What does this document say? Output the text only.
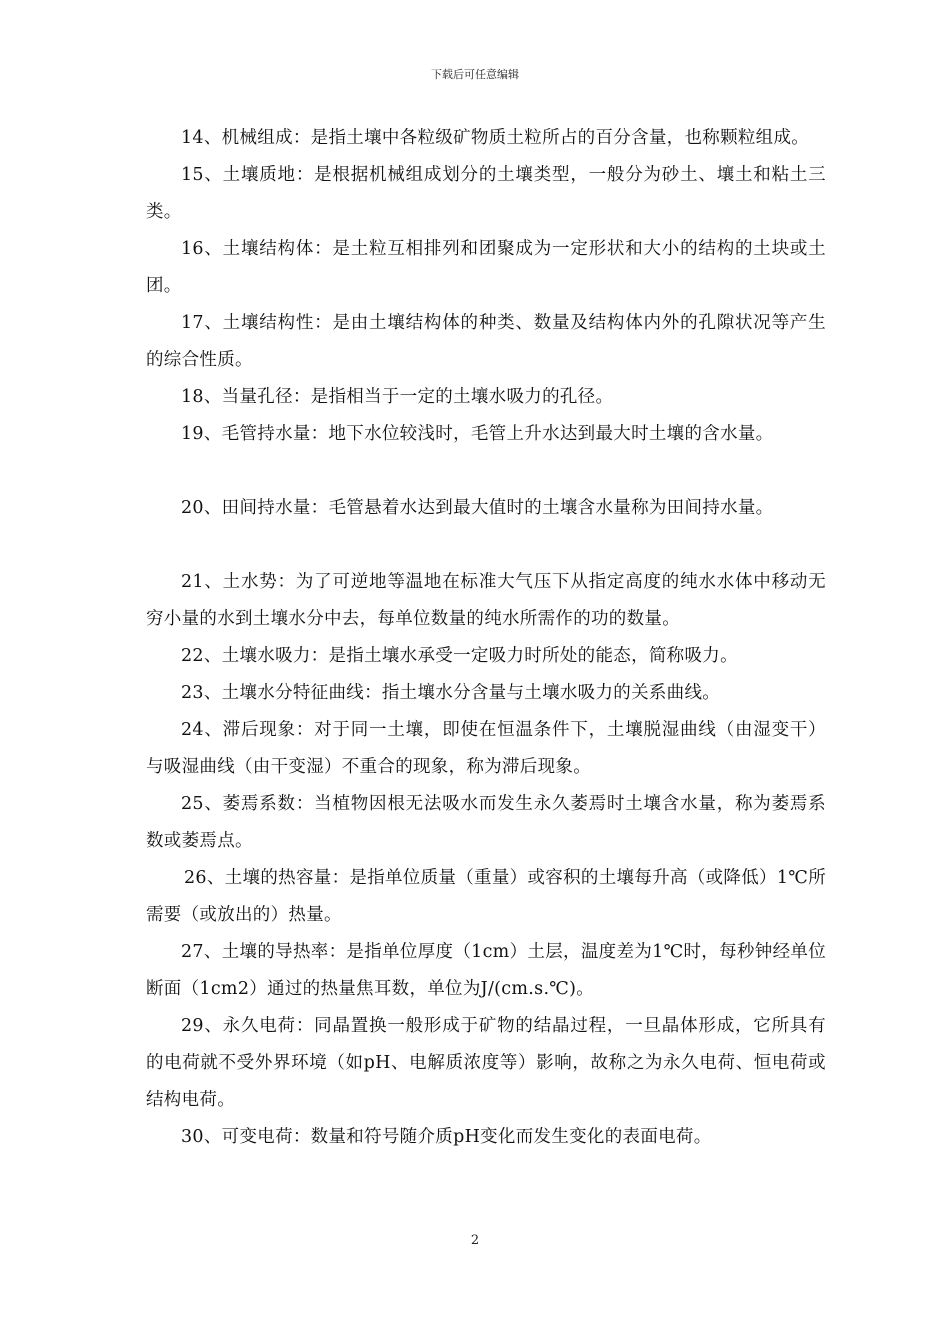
下载后可任意编辑

14、机械组成：是指土壤中各粒级矿物质土粒所占的百分含量，也称颗粒组成。

15、土壤质地：是根据机械组成划分的土壤类型，一般分为砂土、壤土和粘土三类。

16、土壤结构体：是土粒互相排列和团聚成为一定形状和大小的结构的土块或土团。

17、土壤结构性：是由土壤结构体的种类、数量及结构体内外的孔隙状况等产生的综合性质。

18、当量孔径：是指相当于一定的土壤水吸力的孔径。

19、毛管持水量：地下水位较浅时，毛管上升水达到最大时土壤的含水量。

20、田间持水量：毛管悬着水达到最大值时的土壤含水量称为田间持水量。

21、土水势：为了可逆地等温地在标准大气压下从指定高度的纯水水体中移动无穷小量的水到土壤水分中去，每单位数量的纯水所需作的功的数量。

22、土壤水吸力：是指土壤水承受一定吸力时所处的能态，简称吸力。

23、土壤水分特征曲线：指土壤水分含量与土壤水吸力的关系曲线。

24、滞后现象：对于同一土壤，即使在恒温条件下，土壤脱湿曲线（由湿变干）与吸湿曲线（由干变湿）不重合的现象，称为滞后现象。

25、萎焉系数：当植物因根无法吸水而发生永久萎焉时土壤含水量，称为萎焉系数或萎焉点。

26、土壤的热容量：是指单位质量（重量）或容积的土壤每升高（或降低）1℃所需要（或放出的）热量。

27、土壤的导热率：是指单位厚度（1cm）土层，温度差为1℃时，每秒钟经单位断面（1cm2）通过的热量焦耳数，单位为J/(cm.s.℃)。

29、永久电荷：同晶置换一般形成于矿物的结晶过程，一旦晶体形成，它所具有的电荷就不受外界环境（如pH、电解质浓度等）影响，故称之为永久电荷、恒电荷或结构电荷。

30、可变电荷：数量和符号随介质pH变化而发生变化的表面电荷。

2
